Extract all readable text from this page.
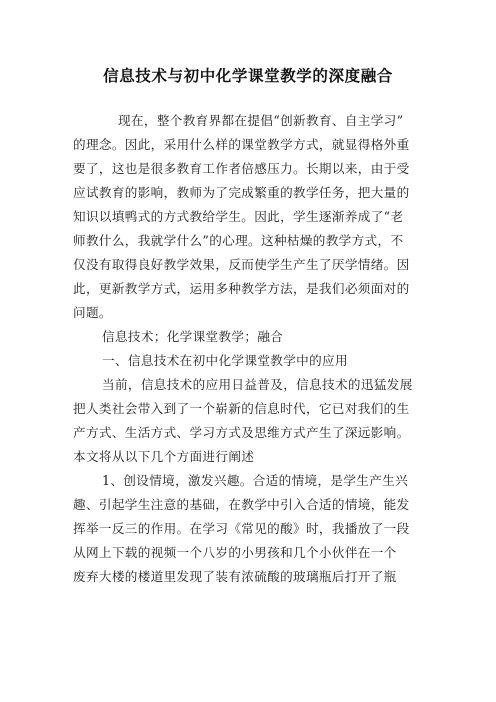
信息技术与初中化学课堂教学的深度融合
现在，整个教育界都在提倡“创新教育、自主学习”
的理念。因此，采用什么样的课堂教学方式，就显得格外重
要了，这也是很多教育工作者倍感压力。长期以来，由于受
应试教育的影响，教师为了完成繁重的教学任务，把大量的
知识以填鸭式的方式教给学生。因此，学生逐渐养成了“老
师教什么，我就学什么”的心理。这种枯燥的教学方式，不
仅没有取得良好教学效果，反而使学生产生了厌学情绪。因
此，更新教学方式，运用多种教学方法，是我们必须面对的
问题。
信息技术；化学课堂教学；融合
一、信息技术在初中化学课堂教学中的应用
当前，信息技术的应用日益普及，信息技术的迅猛发展
把人类社会带入到了一个崭新的信息时代，它已对我们的生
产方式、生活方式、学习方式及思维方式产生了深远影响。
本文将从以下几个方面进行阐述
1、创设情境，激发兴趣。合适的情境，是学生产生兴
趣、引起学生注意的基础，在教学中引入合适的情境，能发
挥举一反三的作用。在学习《常见的酸》时，我播放了一段
从网上下载的视频一个八岁的小男孩和几个小伙伴在一个
废弃大楼的楼道里发现了装有浓硫酸的玻璃瓶后打开了瓶
